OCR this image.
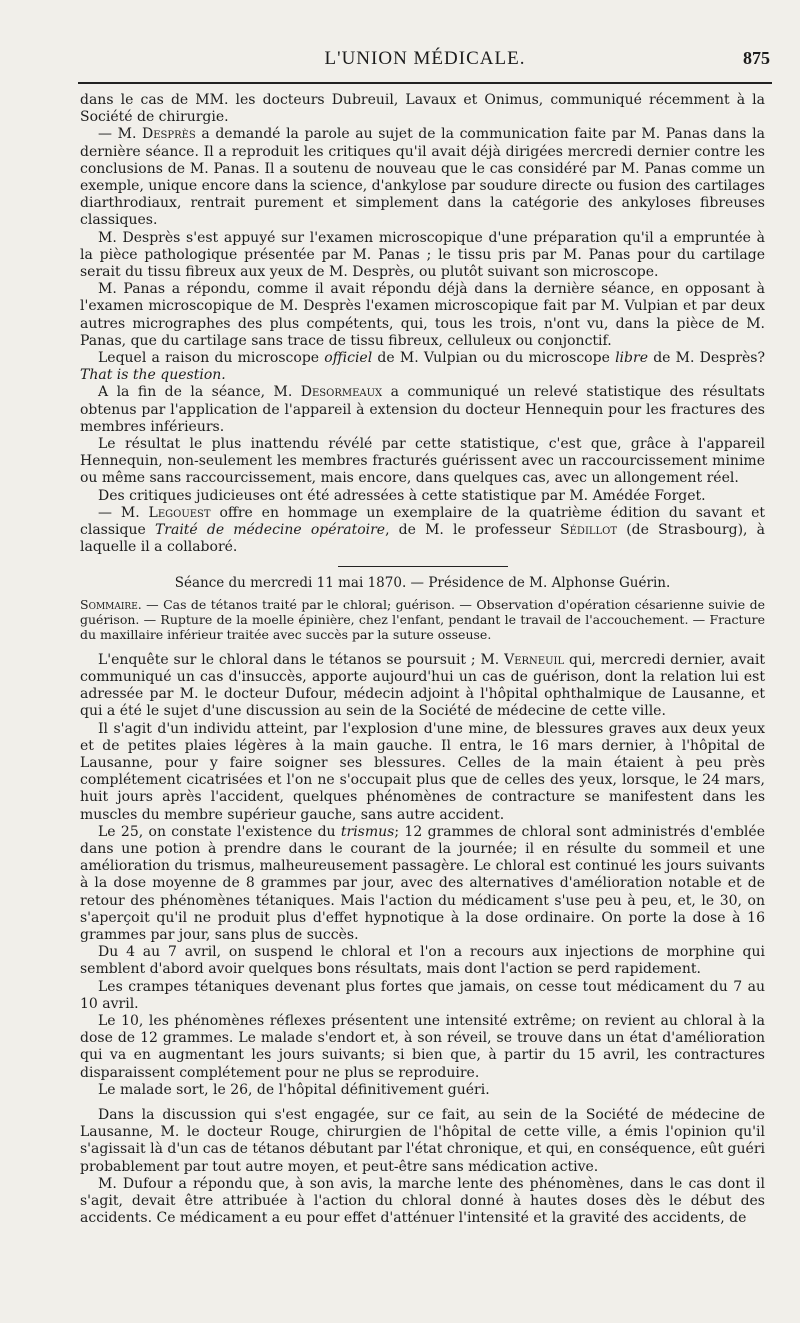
L'UNION MÉDICALE.	875

dans le cas de MM. les docteurs Dubreuil, Lavaux et Onimus, communiqué récemment à la Société de chirurgie.

— M. Desprès a demandé la parole au sujet de la communication faite par M. Panas dans la dernière séance. Il a reproduit les critiques qu'il avait déjà dirigées mercredi dernier contre les conclusions de M. Panas. Il a soutenu de nouveau que le cas considéré par M. Panas comme un exemple, unique encore dans la science, d'ankylose par soudure directe ou fusion des cartilages diarthrodiaux, rentrait purement et simplement dans la catégorie des ankyloses fibreuses classiques.

M. Desprès s'est appuyé sur l'examen microscopique d'une préparation qu'il a empruntée à la pièce pathologique présentée par M. Panas ; le tissu pris par M. Panas pour du cartilage serait du tissu fibreux aux yeux de M. Desprès, ou plutôt suivant son microscope.

M. Panas a répondu, comme il avait répondu déjà dans la dernière séance, en opposant à l'examen microscopique de M. Desprès l'examen microscopique fait par M. Vulpian et par deux autres micrographes des plus compétents, qui, tous les trois, n'ont vu, dans la pièce de M. Panas, que du cartilage sans trace de tissu fibreux, celluleux ou conjonctif.

Lequel a raison du microscope officiel de M. Vulpian ou du microscope libre de M. Desprès? That is the question.

A la fin de la séance, M. Desormeaux a communiqué un relevé statistique des résultats obtenus par l'application de l'appareil à extension du docteur Hennequin pour les fractures des membres inférieurs.

Le résultat le plus inattendu révélé par cette statistique, c'est que, grâce à l'appareil Hennequin, non-seulement les membres fracturés guérissent avec un raccourcissement minime ou même sans raccourcissement, mais encore, dans quelques cas, avec un allongement réel.

Des critiques judicieuses ont été adressées à cette statistique par M. Amédée Forget.

— M. Legouest offre en hommage un exemplaire de la quatrième édition du savant et classique Traité de médecine opératoire, de M. le professeur Sédillot (de Strasbourg), à laquelle il a collaboré.

Séance du mercredi 11 mai 1870. — Présidence de M. Alphonse Guérin.
Sommaire. — Cas de tétanos traité par le chloral; guérison. — Observation d'opération césarienne suivie de guérison. — Rupture de la moelle épinière, chez l'enfant, pendant le travail de l'accouchement. — Fracture du maxillaire inférieur traitée avec succès par la suture osseuse.

L'enquête sur le chloral dans le tétanos se poursuit ; M. Verneuil qui, mercredi dernier, avait communiqué un cas d'insuccès, apporte aujourd'hui un cas de guérison, dont la relation lui est adressée par M. le docteur Dufour, médecin adjoint à l'hôpital ophthalmique de Lausanne, et qui a été le sujet d'une discussion au sein de la Société de médecine de cette ville.

Il s'agit d'un individu atteint, par l'explosion d'une mine, de blessures graves aux deux yeux et de petites plaies légères à la main gauche. Il entra, le 16 mars dernier, à l'hôpital de Lausanne, pour y faire soigner ses blessures. Celles de la main étaient à peu près complétement cicatrisées et l'on ne s'occupait plus que de celles des yeux, lorsque, le 24 mars, huit jours après l'accident, quelques phénomènes de contracture se manifestent dans les muscles du membre supérieur gauche, sans autre accident.

Le 25, on constate l'existence du trismus; 12 grammes de chloral sont administrés d'emblée dans une potion à prendre dans le courant de la journée; il en résulte du sommeil et une amélioration du trismus, malheureusement passagère. Le chloral est continué les jours suivants à la dose moyenne de 8 grammes par jour, avec des alternatives d'amélioration notable et de retour des phénomènes tétaniques. Mais l'action du médicament s'use peu à peu, et, le 30, on s'aperçoit qu'il ne produit plus d'effet hypnotique à la dose ordinaire. On porte la dose à 16 grammes par jour, sans plus de succès.

Du 4 au 7 avril, on suspend le chloral et l'on a recours aux injections de morphine qui semblent d'abord avoir quelques bons résultats, mais dont l'action se perd rapidement.

Les crampes tétaniques devenant plus fortes que jamais, on cesse tout médicament du 7 au 10 avril.

Le 10, les phénomènes réflexes présentent une intensité extrême; on revient au chloral à la dose de 12 grammes. Le malade s'endort et, à son réveil, se trouve dans un état d'amélioration qui va en augmentant les jours suivants; si bien que, à partir du 15 avril, les contractures disparaissent complétement pour ne plus se reproduire.

Le malade sort, le 26, de l'hôpital définitivement guéri.

Dans la discussion qui s'est engagée, sur ce fait, au sein de la Société de médecine de Lausanne, M. le docteur Rouge, chirurgien de l'hôpital de cette ville, a émis l'opinion qu'il s'agissait là d'un cas de tétanos débutant par l'état chronique, et qui, en conséquence, eût guéri probablement par tout autre moyen, et peut-être sans médication active.

M. Dufour a répondu que, à son avis, la marche lente des phénomènes, dans le cas dont il s'agit, devait être attribuée à l'action du chloral donné à hautes doses dès le début des accidents. Ce médicament a eu pour effet d'atténuer l'intensité et la gravité des accidents, de
